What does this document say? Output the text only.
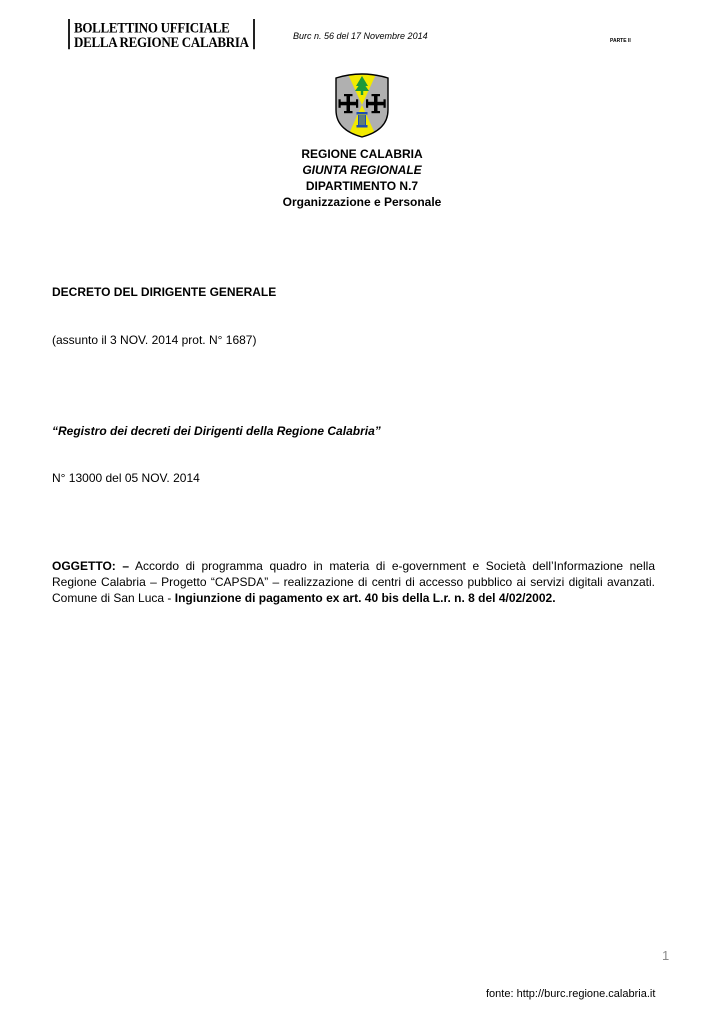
BOLLETTINO UFFICIALE
DELLA REGIONE CALABRIA	Burc n. 56 del 17 Novembre 2014	PARTE II
REGIONE CALABRIA
GIUNTA REGIONALE
DIPARTIMENTO N.7
Organizzazione e Personale
DECRETO DEL DIRIGENTE GENERALE
(assunto il 3 NOV. 2014 prot. N° 1687)
“Registro dei decreti dei Dirigenti della Regione Calabria”
N° 13000 del 05 NOV. 2014
OGGETTO: – Accordo di programma quadro in materia di e-government e Società dell’Informazione nella Regione Calabria – Progetto “CAPSDA” – realizzazione di centri di accesso pubblico ai servizi digitali avanzati. Comune di San Luca - Ingiunzione di pagamento ex art. 40 bis della L.r. n. 8 del 4/02/2002.
1
fonte: http://burc.regione.calabria.it
